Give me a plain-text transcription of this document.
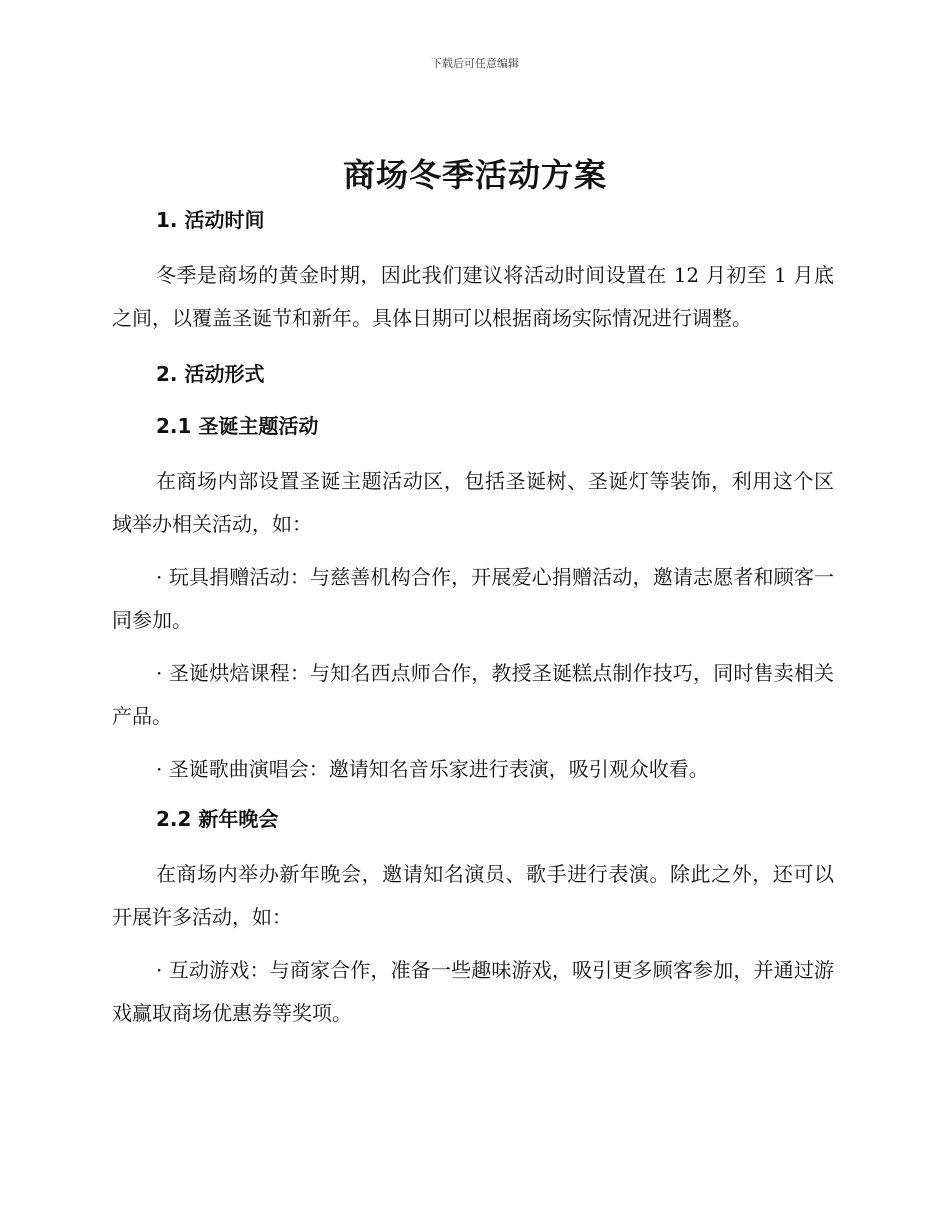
下载后可任意编辑
商场冬季活动方案

1. 活动时间

冬季是商场的黄金时期，因此我们建议将活动时间设置在 12 月初至 1 月底之间，以覆盖圣诞节和新年。具体日期可以根据商场实际情况进行调整。

2. 活动形式

2.1 圣诞主题活动

在商场内部设置圣诞主题活动区，包括圣诞树、圣诞灯等装饰，利用这个区域举办相关活动，如：

· 玩具捐赠活动：与慈善机构合作，开展爱心捐赠活动，邀请志愿者和顾客一同参加。

· 圣诞烘焙课程：与知名西点师合作，教授圣诞糕点制作技巧，同时售卖相关产品。

· 圣诞歌曲演唱会：邀请知名音乐家进行表演，吸引观众收看。

2.2 新年晚会

在商场内举办新年晚会，邀请知名演员、歌手进行表演。除此之外，还可以开展许多活动，如：

· 互动游戏：与商家合作，准备一些趣味游戏，吸引更多顾客参加，并通过游戏赢取商场优惠券等奖项。
